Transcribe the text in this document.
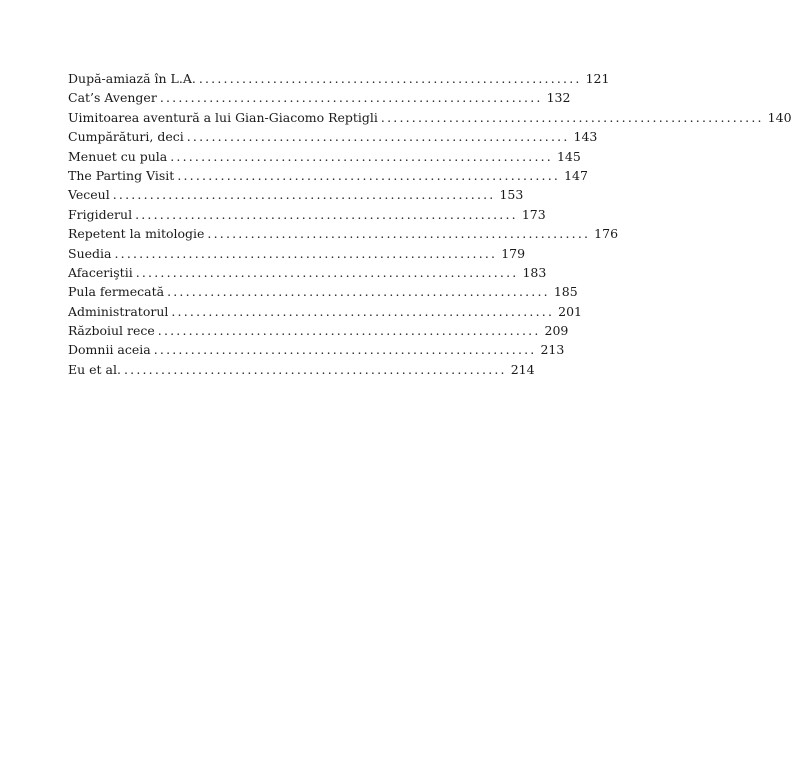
După-amiază în L.A. .............................................................. 121
Cat’s Avenger .............................................................. 132
Uimitoarea aventură a lui Gian-Giacomo Reptigli .............................................................. 140
Cumpărături, deci .............................................................. 143
Menuet cu pula .............................................................. 145
The Parting Visit .............................................................. 147
Veceul .............................................................. 153
Frigiderul .............................................................. 173
Repetent la mitologie .............................................................. 176
Suedia .............................................................. 179
Afaceriştii .............................................................. 183
Pula fermecată .............................................................. 185
Administratorul .............................................................. 201
Războiul rece .............................................................. 209
Domnii aceia .............................................................. 213
Eu et al. .............................................................. 214
